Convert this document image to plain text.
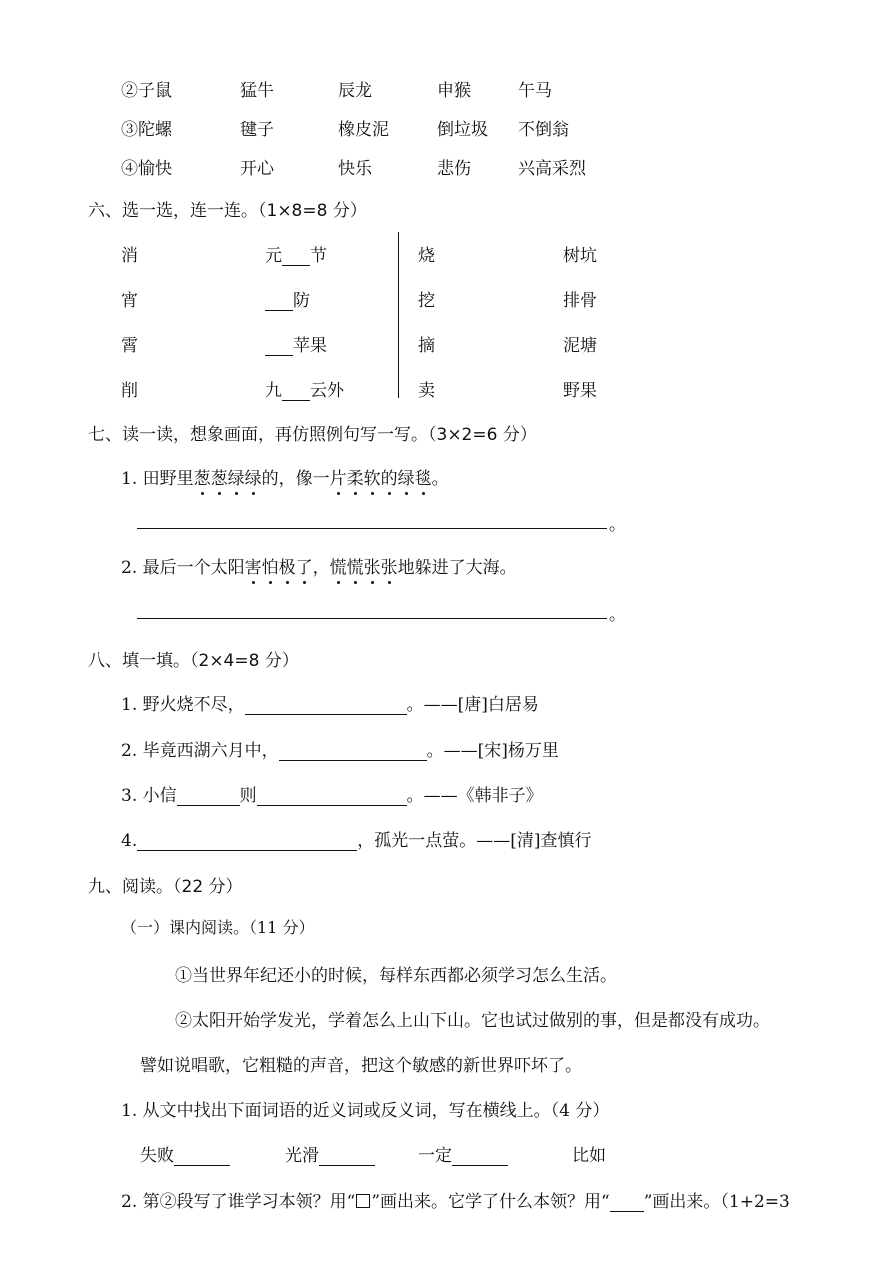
②子鼠	猛牛	辰龙	申猴	午马
③陀螺	毽子	橡皮泥	倒垃圾 不倒翁
④愉快	开心	快乐	悲伤	兴高采烈
六、选一选，连一连。（1×8=8 分）
消	元 节	烧	树坑
宵	防	挖	排骨
霄	苹果	摘	泥塘
削	九 云外	卖	野果
七、读一读，想象画面，再仿照例句写一写。（3×2=6 分）
1. 田野里葱葱绿绿的，像一片柔软的绿毯。
。
2. 最后一个太阳害怕极了，慌慌张张地躲进了大海。
。
八、填一填。（2×4=8 分）
1. 野火烧不尽，	。——[唐]白居易
2. 毕竟西湖六月中，	。——[宋]杨万里
3. 小信	则	。——《韩非子》
4.	，孤光一点萤。——[清]查慎行
九、阅读。（22 分）
（一）课内阅读。（11 分）
①当世界年纪还小的时候，每样东西都必须学习怎么生活。
②太阳开始学发光，学着怎么上山下山。它也试过做别的事，但是都没有成功。
譬如说唱歌，它粗糙的声音，把这个敏感的新世界吓坏了。
1. 从文中找出下面词语的近义词或反义词，写在横线上。（4 分）
失败	光滑	一定	比如
2. 第②段写了谁学习本领？用“ ”画出来。它学了什么本领？用“ ”画出来。（1+2=3
